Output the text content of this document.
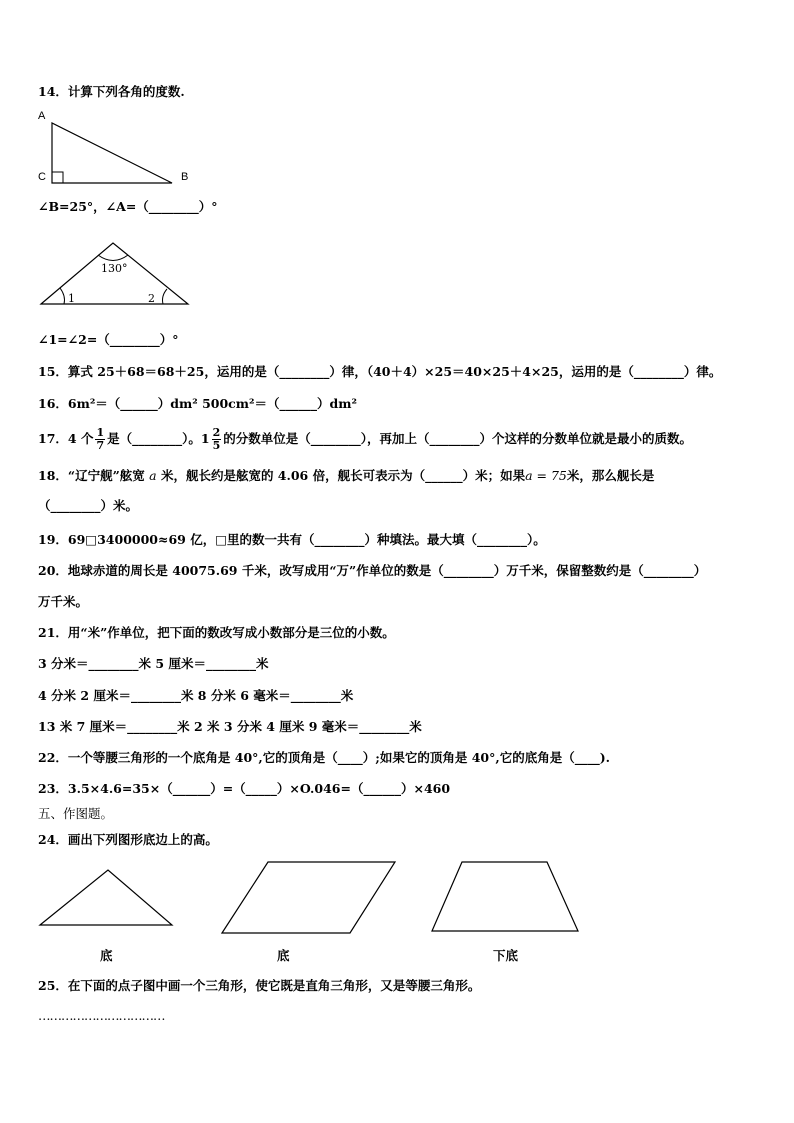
14．计算下列各角的度数.
A
C	B
∠B=25°，∠A=（________）°
130°
1	2
∠1=∠2=（________）°
15．算式 25＋68＝68＋25，运用的是（________）律，（40＋4）×25＝40×25＋4×25，运用的是（________）律。
16．6m²＝（______）dm² 500cm²＝（______）dm²
17．4 个 $\frac{1}{7}$ 是（________）。$1 \frac{2}{5}$ 的分数单位是（________），再加上（________）个这样的分数单位就是最小的质数。
18．“辽宁舰”舷宽 a 米，舰长约是舷宽的 4.06 倍，舰长可表示为（______）米；如果a = 75米，那么舰长是
（________）米。
19．69□3400000≈69 亿，□里的数一共有（________）种填法。最大填（________）。
20．地球赤道的周长是 40075.69 千米，改写成用“万”作单位的数是（________）万千米，保留整数约是（________）
万千米。
21．用“米”作单位，把下面的数改写成小数部分是三位的小数。
3 分米＝________米 5 厘米＝________米
4 分米 2 厘米＝________米 8 分米 6 毫米＝________米
13 米 7 厘米＝________米 2 米 3 分米 4 厘米 9 毫米＝________米
22．一个等腰三角形的一个底角是 40°,它的顶角是（____）;如果它的顶角是 40°,它的底角是（____).
23．3.5×4.6=35×（______）=（_____）×O.046=（______）×460
五、作图题。
24．画出下列图形底边上的高。
底	底	下底
25．在下面的点子图中画一个三角形，使它既是直角三角形，又是等腰三角形。
……………………………
